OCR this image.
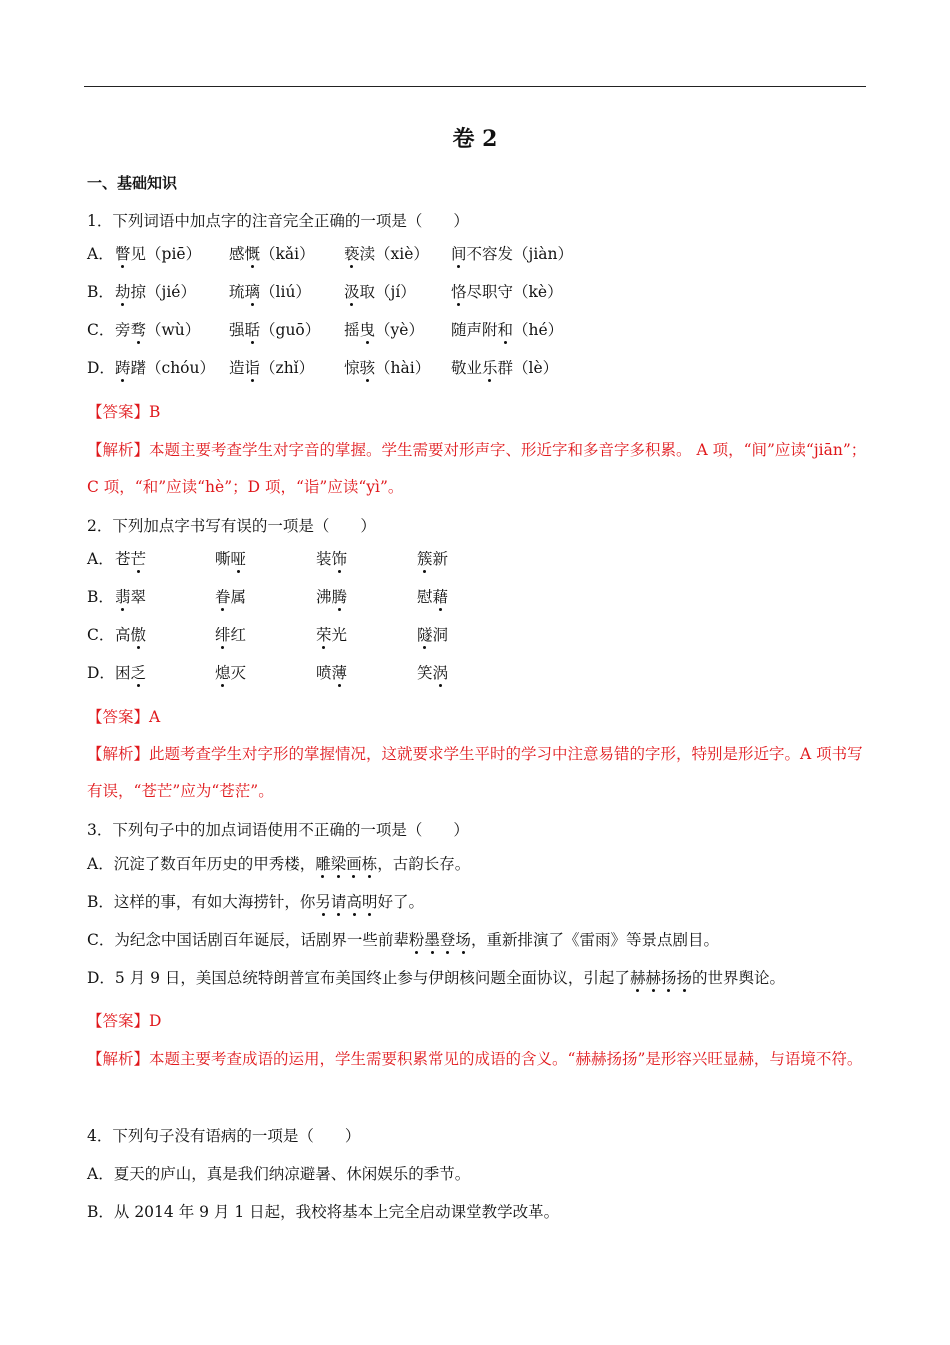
卷 2
一、基础知识
1．下列词语中加点字的注音完全正确的一项是（　　）
A． 瞥见（piē） 感慨（kǎi） 亵渎（xiè） 间不容发（jiàn）
B． 劫掠（jié） 琉璃（liú） 汲取（jí） 恪尽职守（kè）
C． 旁骛（wù） 强聒（guō） 摇曳（yè） 随声附和（hé）
D． 踌躇（chóu） 造诣（zhǐ） 惊骇（hài） 敬业乐群（lè）
【答案】B
【解析】本题主要考查学生对字音的掌握。学生需要对形声字、形近字和多音字多积累。 A 项，“间”应读“jiān”；C 项，“和”应读“hè”；D 项，“诣”应读“yì”。
2．下列加点字书写有误的一项是（　　）
A． 苍芒	嘶哑	装饰	簇新
B． 翡翠	眷属	沸腾	慰藉
C． 高傲	绯红	荣光	隧洞
D． 困乏	熄灭	喷薄	笑涡
【答案】A
【解析】此题考查学生对字形的掌握情况，这就要求学生平时的学习中注意易错的字形，特别是形近字。A 项书写有误，“苍芒”应为“苍茫”。
3．下列句子中的加点词语使用不正确的一项是（　　）
A．沉淀了数百年历史的甲秀楼，雕梁画栋，古韵长存。
B．这样的事，有如大海捞针，你另请高明好了。
C．为纪念中国话剧百年诞辰，话剧界一些前辈粉墨登场，重新排演了《雷雨》等景点剧目。
D．5 月 9 日，美国总统特朗普宣布美国终止参与伊朗核问题全面协议，引起了赫赫扬扬的世界舆论。
【答案】D
【解析】本题主要考查成语的运用，学生需要积累常见的成语的含义。“赫赫扬扬”是形容兴旺显赫，与语境不符。
4．下列句子没有语病的一项是（　　）
A．夏天的庐山，真是我们纳凉避暑、休闲娱乐的季节。
B．从 2014 年 9 月 1 日起，我校将基本上完全启动课堂教学改革。
